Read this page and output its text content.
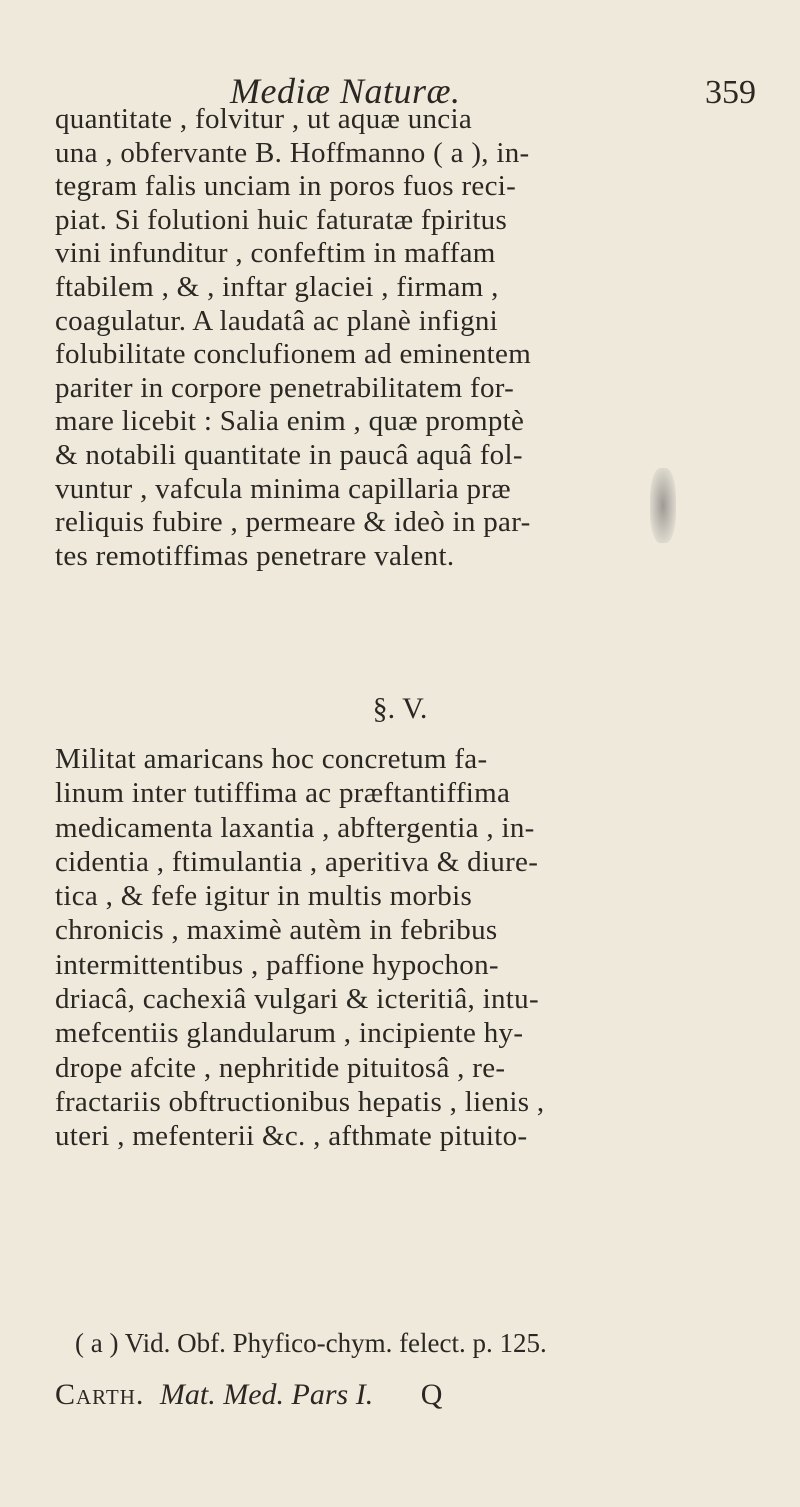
Mediæ Naturæ.	359
quantitate , folvitur , ut aquæ uncia
una , obfervante B. Hoffmanno ( a ), in-
tegram falis unciam in poros fuos reci-
piat. Si folutioni huic faturatæ fpiritus
vini infunditur , confeftim in maffam
ftabilem , & , inftar glaciei , firmam ,
coagulatur. A laudatâ ac planè infigni
folubilitate conclufionem ad eminentem
pariter in corpore penetrabilitatem for-
mare licebit : Salia enim , quæ promptè
& notabili quantitate in paucâ aquâ fol-
vuntur , vafcula minima capillaria præ
reliquis fubire , permeare & ideò in par-
tes remotiffimas penetrare valent.
§. V.
Militat amaricans hoc concretum fa-
linum inter tutiffima ac præftantiffima
medicamenta laxantia , abftergentia , in-
cidentia , ftimulantia , aperitiva & diure-
tica , & fefe igitur in multis morbis
chronicis , maximè autèm in febribus
intermittentibus , paffione hypochon-
driacâ, cachexiâ vulgari & icteritiâ, intu-
mefcentiis glandularum , incipiente hy-
drope afcite , nephritide pituitosâ , re-
fractariis obftructionibus hepatis , lienis ,
uteri , mefenterii &c. , afthmate pituito-
( a ) Vid. Obf. Phyfico-chym. felect. p. 125.
Carth. Mat. Med. Pars I. Q
